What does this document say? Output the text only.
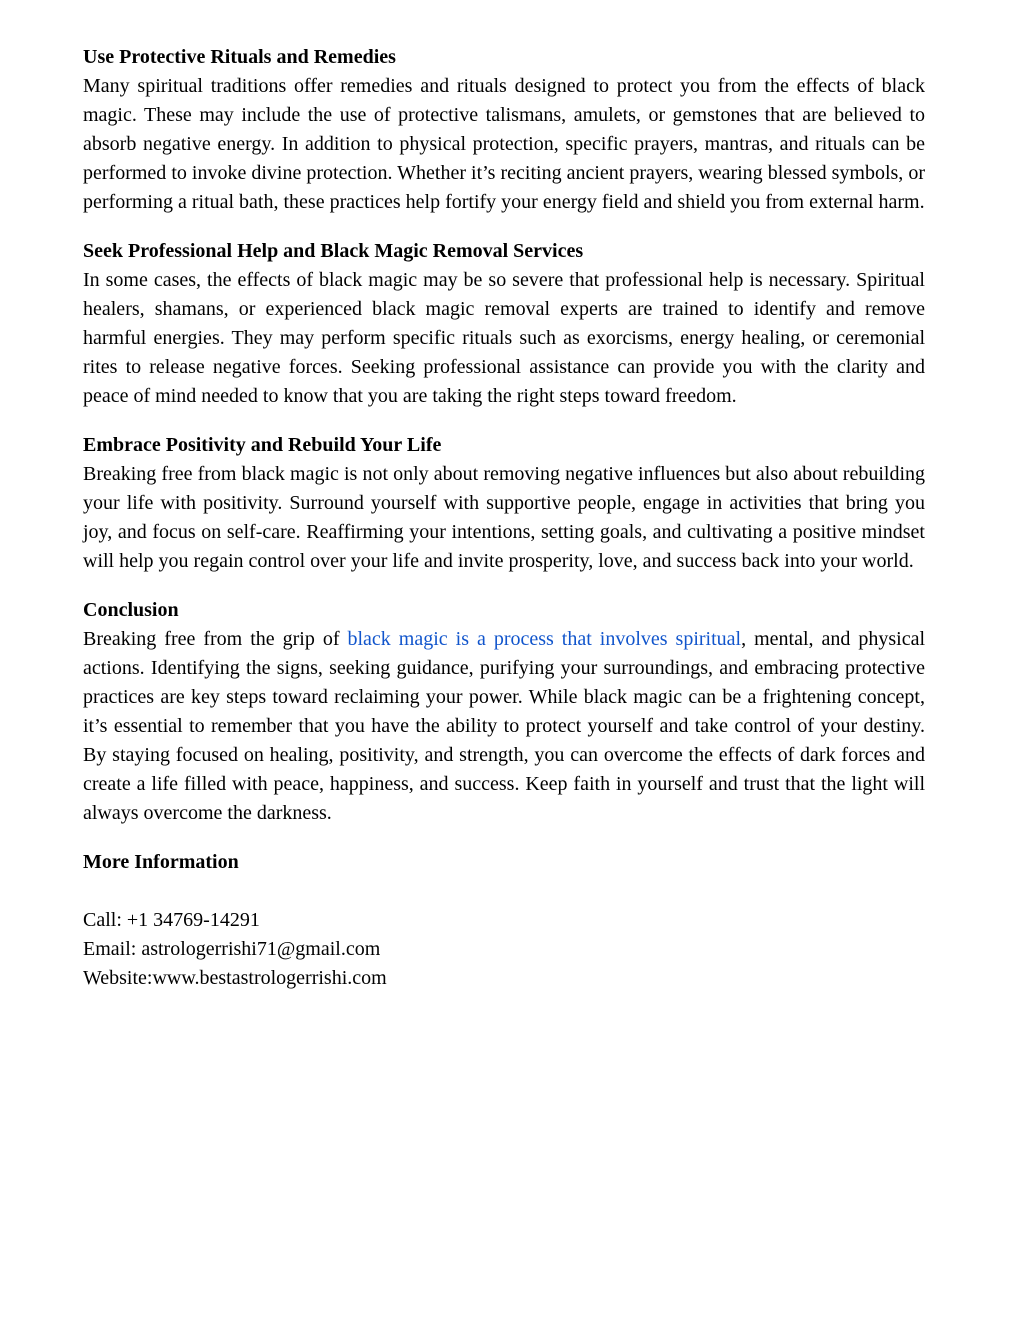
Use Protective Rituals and Remedies

Many spiritual traditions offer remedies and rituals designed to protect you from the effects of black magic. These may include the use of protective talismans, amulets, or gemstones that are believed to absorb negative energy. In addition to physical protection, specific prayers, mantras, and rituals can be performed to invoke divine protection. Whether it’s reciting ancient prayers, wearing blessed symbols, or performing a ritual bath, these practices help fortify your energy field and shield you from external harm.

Seek Professional Help and Black Magic Removal Services

In some cases, the effects of black magic may be so severe that professional help is necessary. Spiritual healers, shamans, or experienced black magic removal experts are trained to identify and remove harmful energies. They may perform specific rituals such as exorcisms, energy healing, or ceremonial rites to release negative forces. Seeking professional assistance can provide you with the clarity and peace of mind needed to know that you are taking the right steps toward freedom.

Embrace Positivity and Rebuild Your Life

Breaking free from black magic is not only about removing negative influences but also about rebuilding your life with positivity. Surround yourself with supportive people, engage in activities that bring you joy, and focus on self-care. Reaffirming your intentions, setting goals, and cultivating a positive mindset will help you regain control over your life and invite prosperity, love, and success back into your world.

Conclusion

Breaking free from the grip of black magic is a process that involves spiritual, mental, and physical actions. Identifying the signs, seeking guidance, purifying your surroundings, and embracing protective practices are key steps toward reclaiming your power. While black magic can be a frightening concept, it’s essential to remember that you have the ability to protect yourself and take control of your destiny. By staying focused on healing, positivity, and strength, you can overcome the effects of dark forces and create a life filled with peace, happiness, and success. Keep faith in yourself and trust that the light will always overcome the darkness.

More Information

Call: +1 34769-14291

Email: astrologerrishi71@gmail.com

Website:www.bestastrologerrishi.com
